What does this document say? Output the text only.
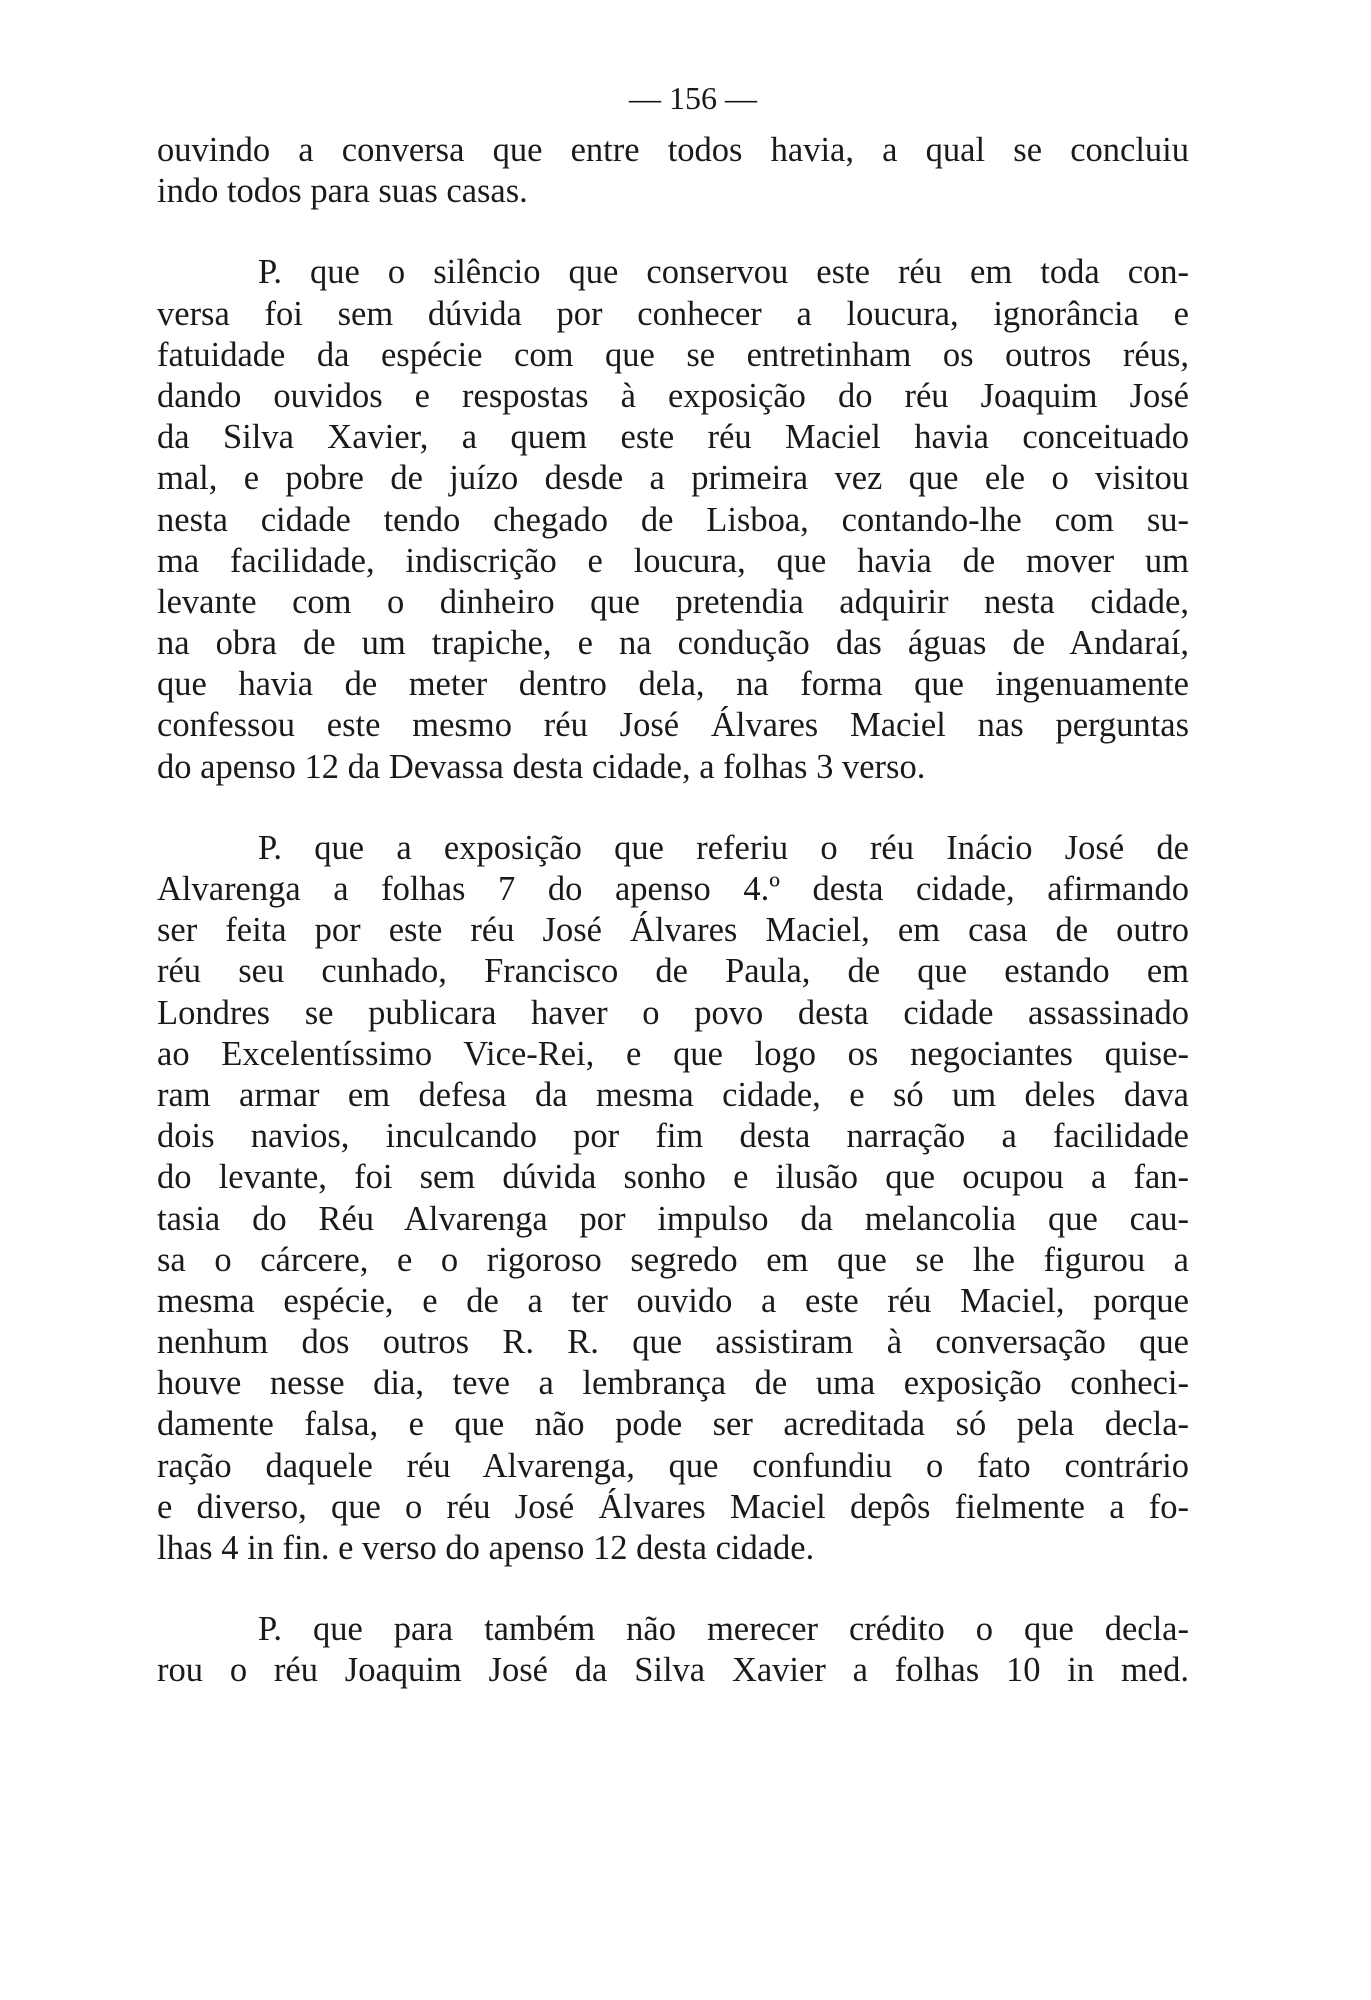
— 156 —
ouvindo a conversa que entre todos havia, a qual se concluiu
indo todos para suas casas.
P. que o silêncio que conservou este réu em toda con-
versa foi sem dúvida por conhecer a loucura, ignorância e
fatuidade da espécie com que se entretinham os outros réus,
dando ouvidos e respostas à exposição do réu Joaquim José
da Silva Xavier, a quem este réu Maciel havia conceituado
mal, e pobre de juízo desde a primeira vez que ele o visitou
nesta cidade tendo chegado de Lisboa, contando-lhe com su-
ma facilidade, indiscrição e loucura, que havia de mover um
levante com o dinheiro que pretendia adquirir nesta cidade,
na obra de um trapiche, e na condução das águas de Andaraí,
que havia de meter dentro dela, na forma que ingenuamente
confessou este mesmo réu José Álvares Maciel nas perguntas
do apenso 12 da Devassa desta cidade, a folhas 3 verso.
P. que a exposição que referiu o réu Inácio José de
Alvarenga a folhas 7 do apenso 4.º desta cidade, afirmando
ser feita por este réu José Álvares Maciel, em casa de outro
réu seu cunhado, Francisco de Paula, de que estando em
Londres se publicara haver o povo desta cidade assassinado
ao Excelentíssimo Vice-Rei, e que logo os negociantes quise-
ram armar em defesa da mesma cidade, e só um deles dava
dois navios, inculcando por fim desta narração a facilidade
do levante, foi sem dúvida sonho e ilusão que ocupou a fan-
tasia do Réu Alvarenga por impulso da melancolia que cau-
sa o cárcere, e o rigoroso segredo em que se lhe figurou a
mesma espécie, e de a ter ouvido a este réu Maciel, porque
nenhum dos outros R. R. que assistiram à conversação que
houve nesse dia, teve a lembrança de uma exposição conheci-
damente falsa, e que não pode ser acreditada só pela decla-
ração daquele réu Alvarenga, que confundiu o fato contrário
e diverso, que o réu José Álvares Maciel depôs fielmente a fo-
lhas 4 in fin. e verso do apenso 12 desta cidade.
P. que para também não merecer crédito o que decla-
rou o réu Joaquim José da Silva Xavier a folhas 10 in med.
